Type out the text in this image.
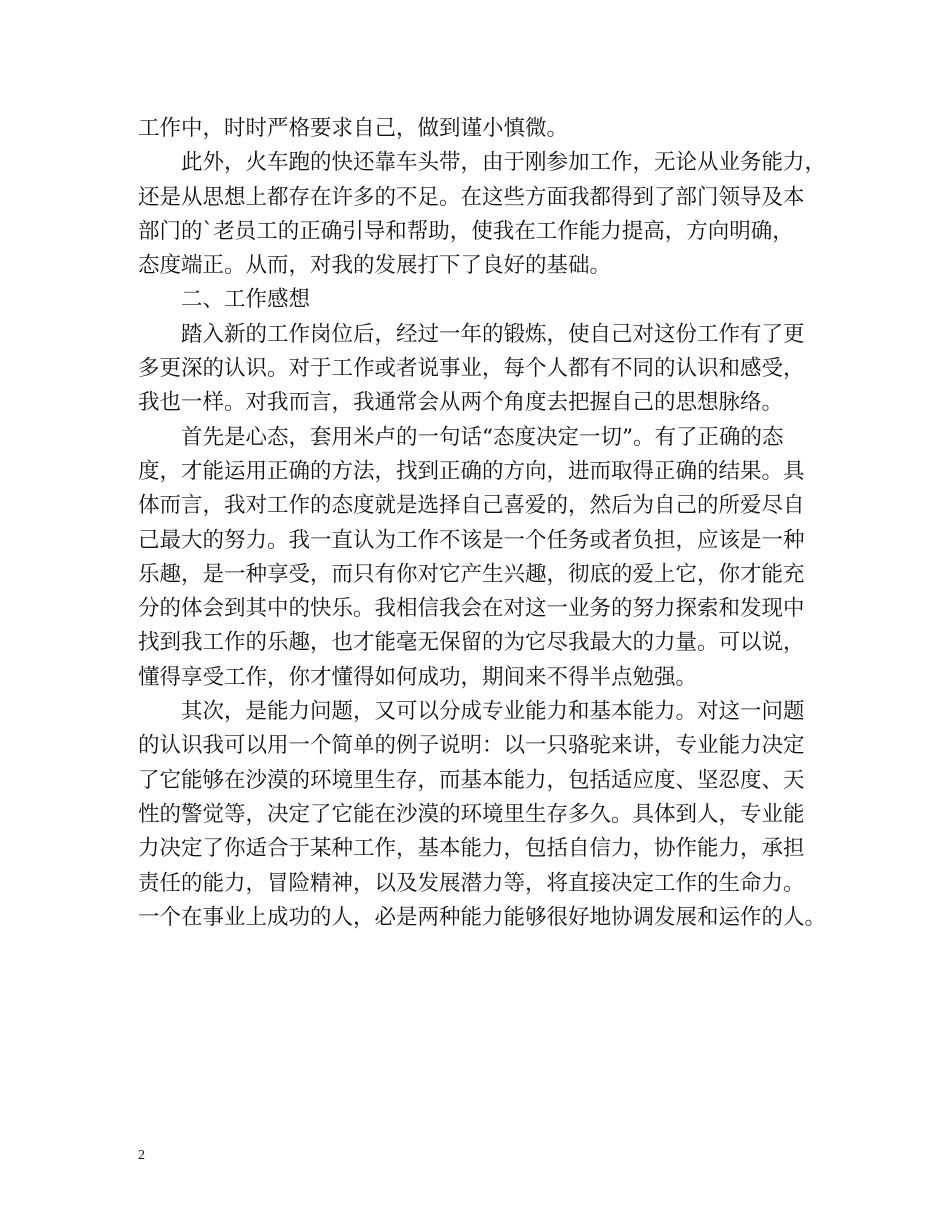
工作中，时时严格要求自己，做到谨小慎微。
此外，火车跑的快还靠车头带，由于刚参加工作，无论从业务能力，
还是从思想上都存在许多的不足。在这些方面我都得到了部门领导及本
部门的`老员工的正确引导和帮助，使我在工作能力提高，方向明确，
态度端正。从而，对我的发展打下了良好的基础。
二、工作感想
踏入新的工作岗位后，经过一年的锻炼，使自己对这份工作有了更
多更深的认识。对于工作或者说事业，每个人都有不同的认识和感受，
我也一样。对我而言，我通常会从两个角度去把握自己的思想脉络。
首先是心态，套用米卢的一句话“态度决定一切”。有了正确的态
度，才能运用正确的方法，找到正确的方向，进而取得正确的结果。具
体而言，我对工作的态度就是选择自己喜爱的，然后为自己的所爱尽自
己最大的努力。我一直认为工作不该是一个任务或者负担，应该是一种
乐趣，是一种享受，而只有你对它产生兴趣，彻底的爱上它，你才能充
分的体会到其中的快乐。我相信我会在对这一业务的努力探索和发现中
找到我工作的乐趣，也才能毫无保留的为它尽我最大的力量。可以说，
懂得享受工作，你才懂得如何成功，期间来不得半点勉强。
其次，是能力问题，又可以分成专业能力和基本能力。对这一问题
的认识我可以用一个简单的例子说明：以一只骆驼来讲，专业能力决定
了它能够在沙漠的环境里生存，而基本能力，包括适应度、坚忍度、天
性的警觉等，决定了它能在沙漠的环境里生存多久。具体到人，专业能
力决定了你适合于某种工作，基本能力，包括自信力，协作能力，承担
责任的能力，冒险精神，以及发展潜力等，将直接决定工作的生命力。
一个在事业上成功的人，必是两种能力能够很好地协调发展和运作的人。
2
